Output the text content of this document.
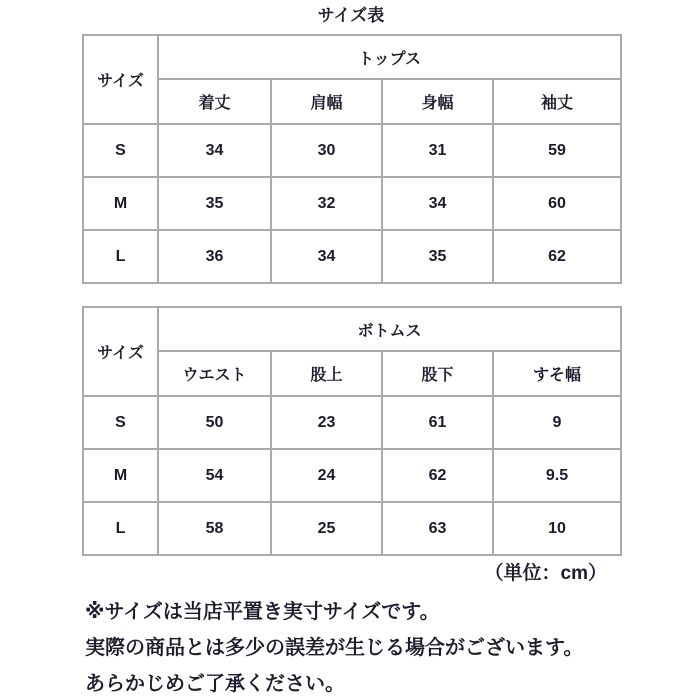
サイズ表
サイズ	トップス			
	着丈	肩幅	身幅	袖丈
S	34	30	31	59
M	35	32	34	60
L	36	34	35	62
サイズ	ボトムス			
	ウエスト	股上	股下	すそ幅
S	50	23	61	9
M	54	24	62	9.5
L	58	25	63	10
（単位：cm）

※サイズは当店平置き実寸サイズです。

実際の商品とは多少の誤差が生じる場合がございます。

あらかじめご了承ください。
